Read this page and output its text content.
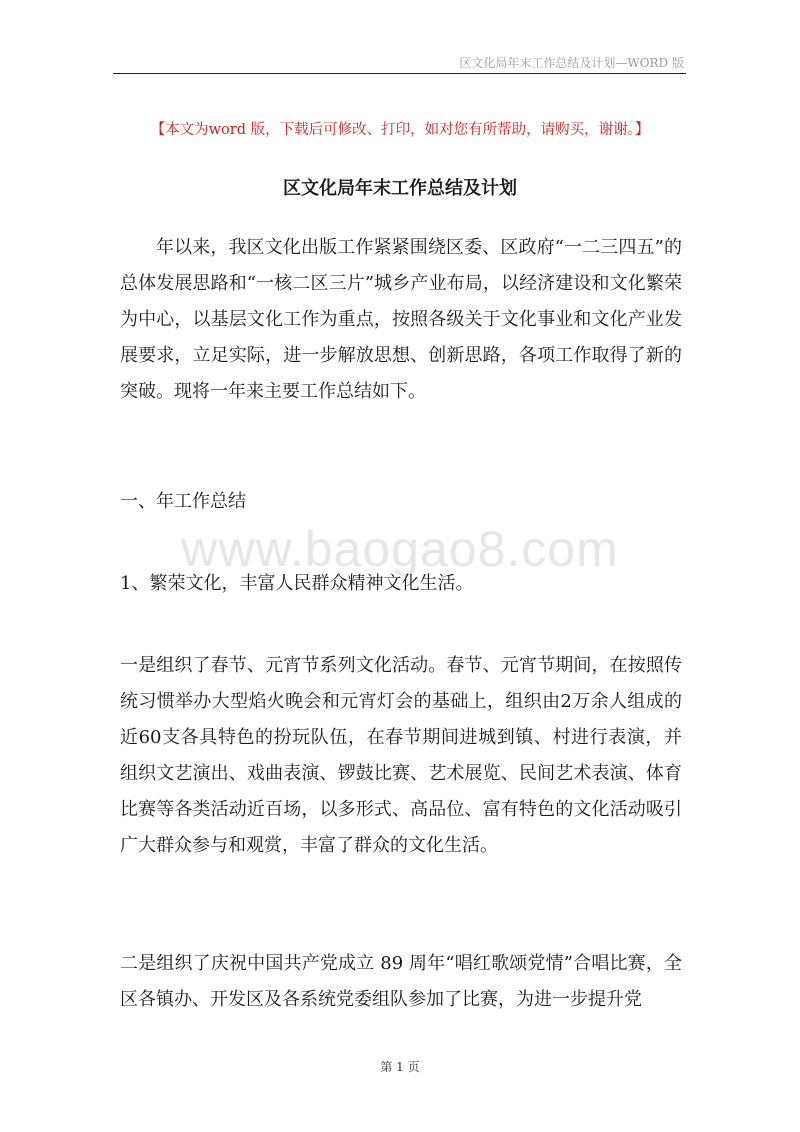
区文化局年末工作总结及计划—WORD 版
【本文为word 版，下载后可修改、打印，如对您有所帮助，请购买，谢谢。】
区文化局年末工作总结及计划
www.baogao8.com

年以来，我区文化出版工作紧紧围绕区委、区政府“一二三四五”的总体发展思路和“一核二区三片”城乡产业布局，以经济建设和文化繁荣为中心，以基层文化工作为重点，按照各级关于文化事业和文化产业发展要求，立足实际，进一步解放思想、创新思路，各项工作取得了新的突破。现将一年来主要工作总结如下。

一、年工作总结

1、繁荣文化，丰富人民群众精神文化生活。

一是组织了春节、元宵节系列文化活动。春节、元宵节期间，在按照传统习惯举办大型焰火晚会和元宵灯会的基础上，组织由2万余人组成的近60支各具特色的扮玩队伍，在春节期间进城到镇、村进行表演，并组织文艺演出、戏曲表演、锣鼓比赛、艺术展览、民间艺术表演、体育比赛等各类活动近百场，以多形式、高品位、富有特色的文化活动吸引广大群众参与和观赏，丰富了群众的文化生活。

二是组织了庆祝中国共产党成立 89 周年“唱红歌颂党情”合唱比赛，全区各镇办、开发区及各系统党委组队参加了比赛，为进一步提升党

第 1 页
